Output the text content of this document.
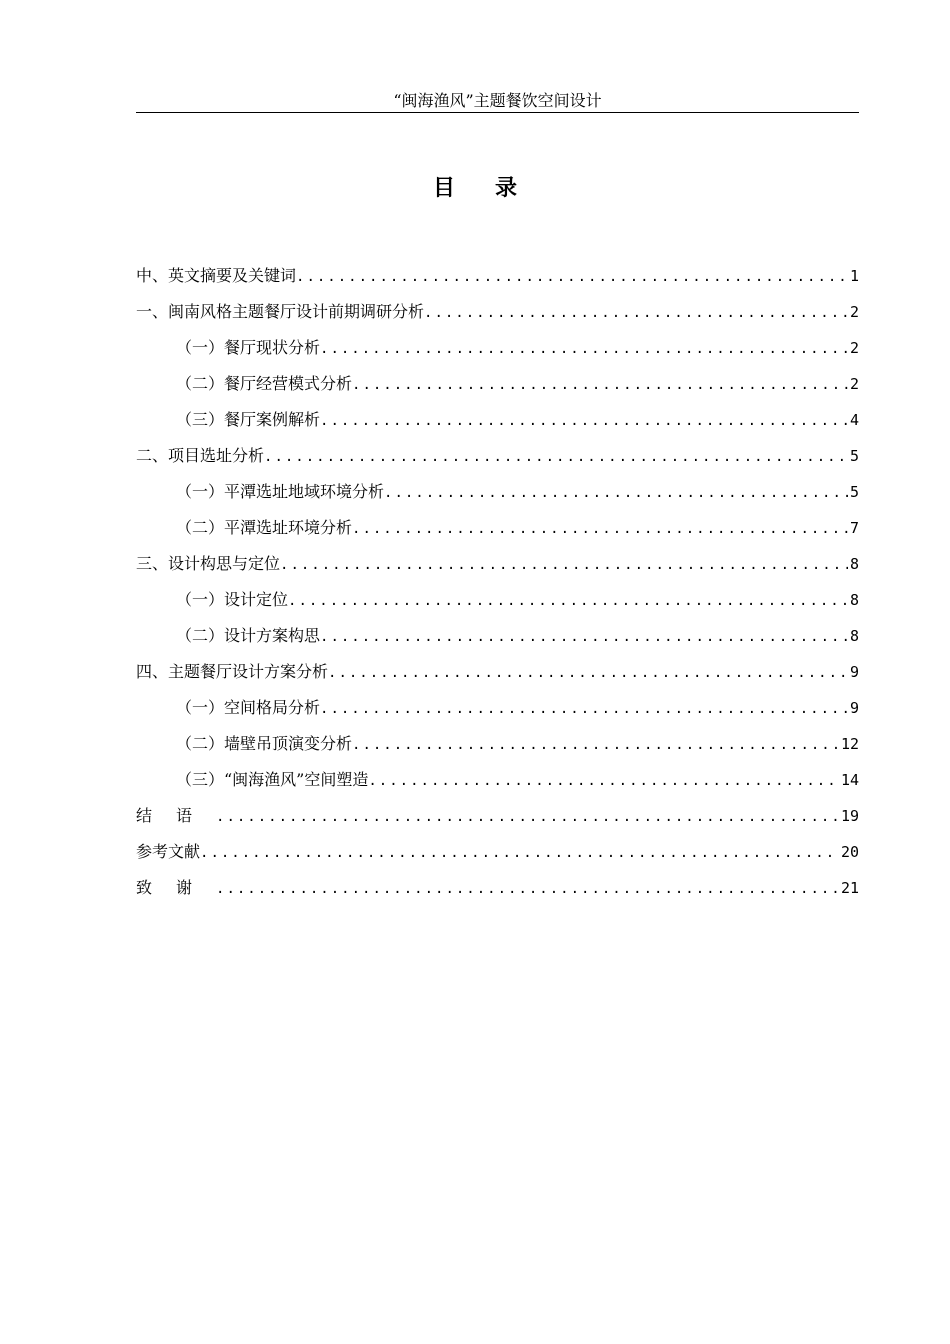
“闽海渔风”主题餐饮空间设计
目录
中、英文摘要及关键词 .....	1
一、闽南风格主题餐厅设计前期调研分析 .....	2
（一）餐厅现状分析 .....	2
（二）餐厅经营模式分析 .....	2
（三）餐厅案例解析 .....	4
二、项目选址分析 .....	5
（一）平潭选址地域环境分析 .....	5
（二）平潭选址环境分析 .....	7
三、设计构思与定位 .....	8
（一）设计定位 .....	8
（二）设计方案构思 .....	8
四、主题餐厅设计方案分析 .....	9
（一）空间格局分析 .....	9
（二）墙壁吊顶演变分析 .....	12
（三）“闽海渔风”空间塑造 .....	14
结语 .....	19
参考文献 .....	20
致谢 .....	21
